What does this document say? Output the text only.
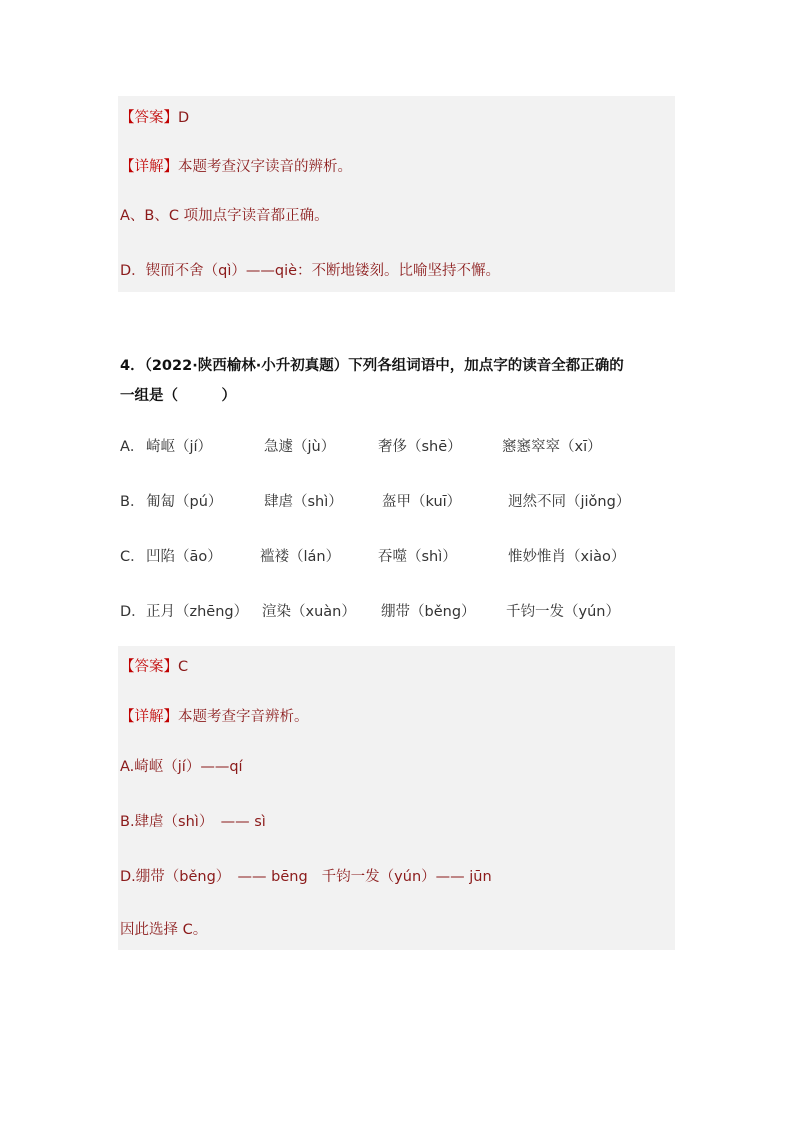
【答案】D
【详解】本题考查汉字读音的辨析。
A、B、C 项加点字读音都正确。
D．锲而不舍（qì）——qiè：不断地镂刻。比喻坚持不懈。
4．（2022·陕西榆林·小升初真题）下列各组词语中，加点字的读音全都正确的
一组是（　　　）
A． 崎岖（jí）	急遽（jù）	奢侈（shē）	窸窸窣窣（xī）
B． 匍匐（pú）	肆虐（shì）	盔甲（kuī）	迥然不同（jiǒng）
C． 凹陷（āo）	褴褛（lán）	吞噬（shì）	惟妙惟肖（xiào）
D． 正月（zhēng） 渲染（xuàn） 绷带（běng） 千钧一发（yún）
【答案】C
【详解】本题考查字音辨析。
A.崎岖（jí）——qí
B.肆虐（shì）　—— sì
D.绷带（běng）　—— bēng 千钧一发（yún）—— jūn
因此选择 C。
